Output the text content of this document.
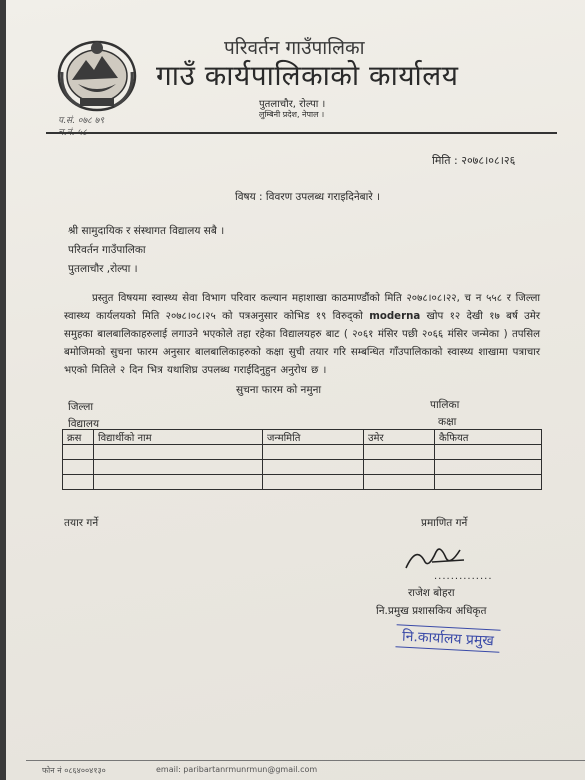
परिवर्तन गाउँपालिका
गाउँ कार्यपालिकाको कार्यालय
पुतलाचौर, रोल्पा ।
लुम्बिनी प्रदेश, नेपाल ।
प.सं. ०७८ ७९
मिति : २०७८।०८।२६
विषय : विवरण उपलब्ध गराइदिनेबारे ।
श्री सामुदायिक र संस्थागत विद्यालय सबै ।
परिवर्तन गाउँपालिका
पुतलाचौर ,रोल्पा ।
प्रस्तुत विषयमा स्वास्थ्य सेवा विभाग परिवार कल्यान महाशाखा काठमाण्डौंको मिति २०७८।०८।२२, च न ५५८ र जिल्ला स्वास्थ्य कार्यलयको मिति २०७८।०८।२५ को पत्रअनुसार कोभिड १९ विरुद्को moderna खोप १२ देखी १७ बर्ष उमेर समुहका बालबालिकाहरुलाई लगाउने भएकोले तहा रहेका विद्यालयहरु बाट ( २०६१ मंसिर पछी २०६६ मंसिर जन्मेका ) तपसिल बमोजिमको सुचना फारम अनुसार बालबालिकाहरुको कक्षा सुची तयार गरि सम्बन्धित गाँउपालिकाको स्वास्थ्य शाखामा पत्राचार भएको मितिले २ दिन भित्र यथाशिघ्र उपलब्ध गराईदिनुहुन अनुरोध छ ।
सुचना फारम को नमुना
जिल्ला	पालिका
विद्यालय	कक्षा
क्रस	विद्यार्थीको नाम	जन्ममिति	उमेर	कैफियत

तयार गर्ने	प्रमाणित गर्ने
..............
राजेश बोहरा
नि.प्रमुख प्रशासकिय अधिकृत
नि.कार्यालय प्रमुख
फोन नं ०८६४००४१३०	email: paribartanrmunrmun@gmail.com
